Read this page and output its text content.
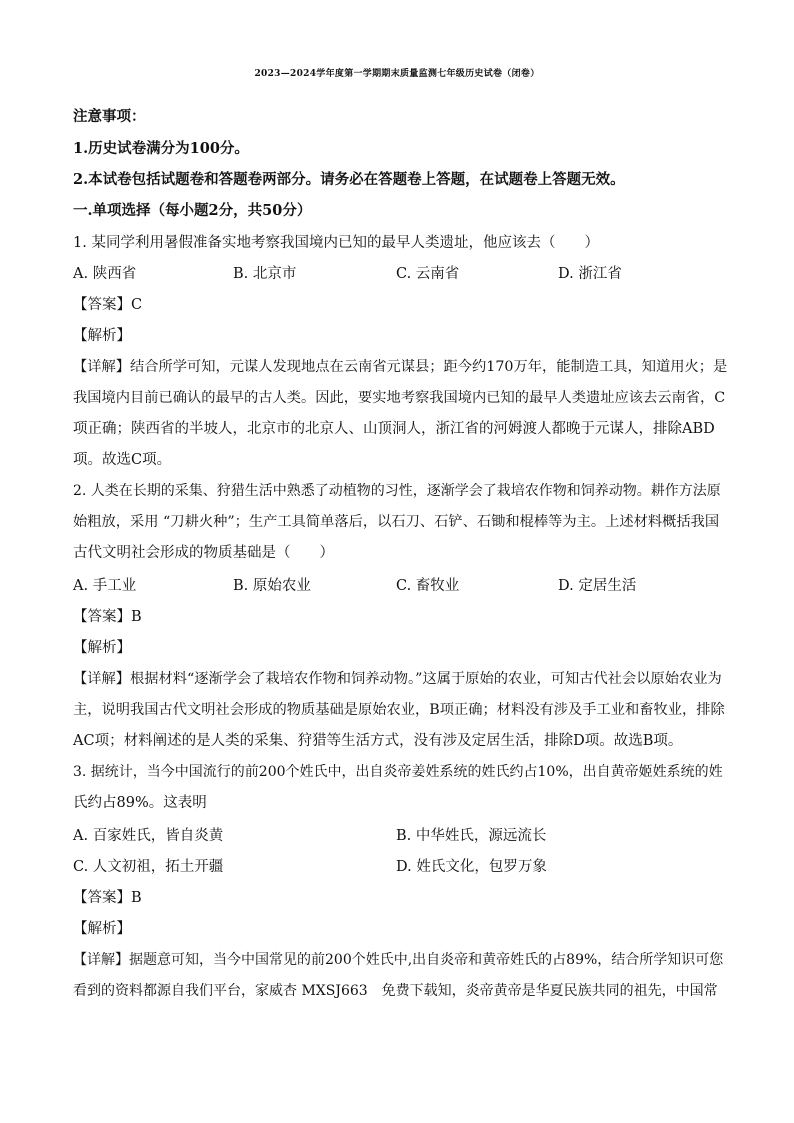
2023—2024学年度第一学期期末质量监测七年级历史试卷（闭卷）
注意事项：
1.历史试卷满分为100分。
2.本试卷包括试题卷和答题卷两部分。请务必在答题卷上答题，在试题卷上答题无效。
一.单项选择（每小题2分，共50分）
1. 某同学利用暑假准备实地考察我国境内已知的最早人类遗址，他应该去（　　）
A. 陕西省	B. 北京市	C. 云南省	D. 浙江省
【答案】C
【解析】
【详解】结合所学可知，元谋人发现地点在云南省元谋县；距今约170万年，能制造工具，知道用火；是
我国境内目前已确认的最早的古人类。因此，要实地考察我国境内已知的最早人类遗址应该去云南省，C
项正确；陕西省的半坡人，北京市的北京人、山顶洞人，浙江省的河姆渡人都晚于元谋人，排除ABD
项。故选C项。
2. 人类在长期的采集、狩猎生活中熟悉了动植物的习性，逐渐学会了栽培农作物和饲养动物。耕作方法原
始粗放，采用 “刀耕火种”；生产工具简单落后，以石刀、石铲、石锄和棍棒等为主。上述材料概括我国
古代文明社会形成的物质基础是（　　）
A. 手工业	B. 原始农业	C. 畜牧业	D. 定居生活
【答案】B
【解析】
【详解】根据材料“逐渐学会了栽培农作物和饲养动物。”这属于原始的农业，可知古代社会以原始农业为
主，说明我国古代文明社会形成的物质基础是原始农业，B项正确；材料没有涉及手工业和畜牧业，排除
AC项；材料阐述的是人类的采集、狩猎等生活方式，没有涉及定居生活，排除D项。故选B项。
3. 据统计，当今中国流行的前200个姓氏中，出自炎帝姜姓系统的姓氏约占10%，出自黄帝姬姓系统的姓
氏约占89%。这表明
A. 百家姓氏，皆自炎黄	B. 中华姓氏，源远流长
C. 人文初祖，拓土开疆	D. 姓氏文化，包罗万象
【答案】B
【解析】
【详解】据题意可知，当今中国常见的前200个姓氏中,出自炎帝和黄帝姓氏的占89%，结合所学知识可您
看到的资料都源自我们平台，家威杏 MXSJ663　免费下载知，炎帝黄帝是华夏民族共同的祖先，中国常
